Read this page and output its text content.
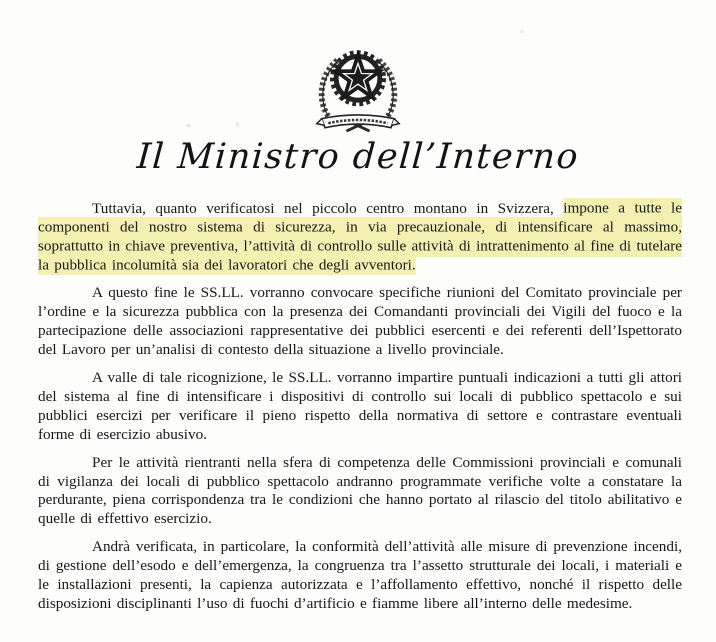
Il Ministro dell’Interno

Tuttavia, quanto verificatosi nel piccolo centro montano in Svizzera, impone a tutte le componenti del nostro sistema di sicurezza, in via precauzionale, di intensificare al massimo, soprattutto in chiave preventiva, l’attività di controllo sulle attività di intrattenimento al fine di tutelare la pubblica incolumità sia dei lavoratori che degli avventori.

A questo fine le SS.LL. vorranno convocare specifiche riunioni del Comitato provinciale per l’ordine e la sicurezza pubblica con la presenza dei Comandanti provinciali dei Vigili del fuoco e la partecipazione delle associazioni rappresentative dei pubblici esercenti e dei referenti dell’Ispettorato del Lavoro per un’analisi di contesto della situazione a livello provinciale.

A valle di tale ricognizione, le SS.LL. vorranno impartire puntuali indicazioni a tutti gli attori del sistema al fine di intensificare i dispositivi di controllo sui locali di pubblico spettacolo e sui pubblici esercizi per verificare il pieno rispetto della normativa di settore e contrastare eventuali forme di esercizio abusivo.

Per le attività rientranti nella sfera di competenza delle Commissioni provinciali e comunali di vigilanza dei locali di pubblico spettacolo andranno programmate verifiche volte a constatare la perdurante, piena corrispondenza tra le condizioni che hanno portato al rilascio del titolo abilitativo e quelle di effettivo esercizio.

Andrà verificata, in particolare, la conformità dell’attività alle misure di prevenzione incendi, di gestione dell’esodo e dell’emergenza, la congruenza tra l’assetto strutturale dei locali, i materiali e le installazioni presenti, la capienza autorizzata e l’affollamento effettivo, nonché il rispetto delle disposizioni disciplinanti l’uso di fuochi d’artificio e fiamme libere all’interno delle medesime.
